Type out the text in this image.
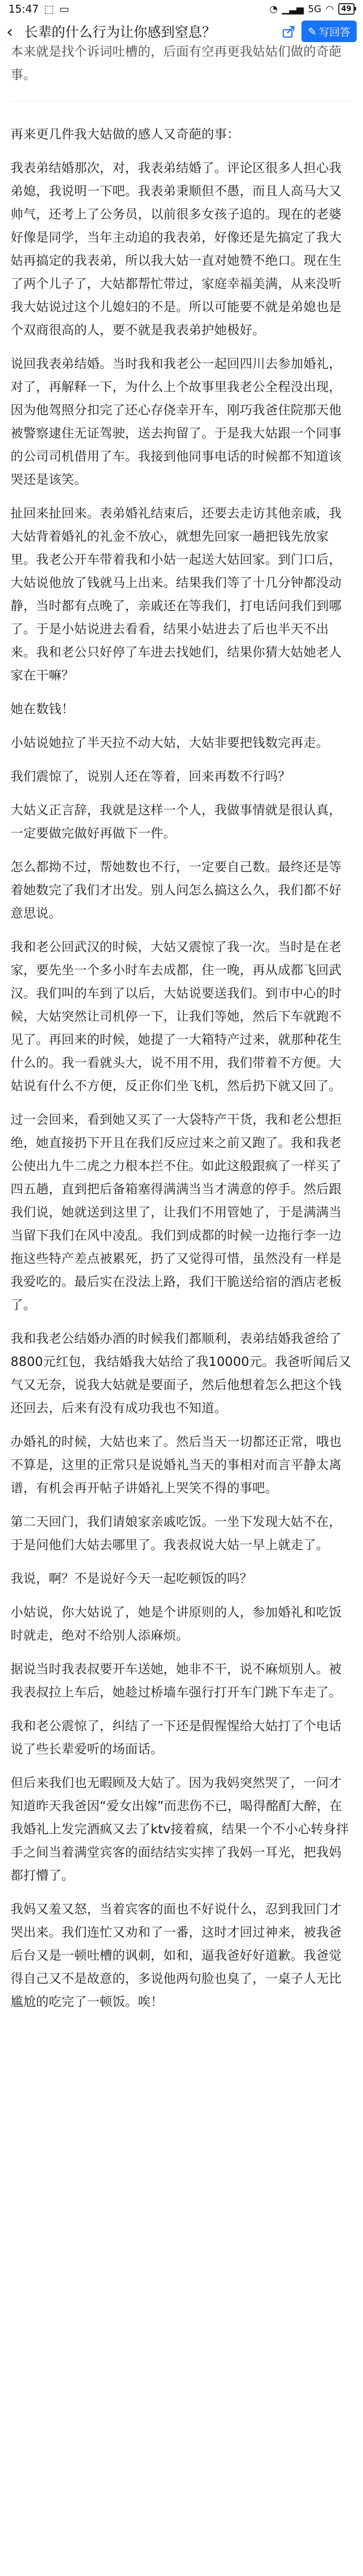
15:47 ⬚ ▭	◔ ▁▃▅ 5G ◠ 49
‹ 长辈的什么行为让你感到窒息？	✎ 写回答

本来就是找个诉词吐槽的，后面有空再更我姑姑们做的奇葩事。

再来更几件我大姑做的感人又奇葩的事：

我表弟结婚那次，对，我表弟结婚了。评论区很多人担心我弟媳，我说明一下吧。我表弟秉顺但不愚，而且人高马大又帅气，还考上了公务员，以前很多女孩子追的。现在的老婆好像是同学，当年主动追的我表弟，好像还是先搞定了我大姑再搞定的我表弟，所以我大姑一直对她赞不绝口。现在生了两个儿子了，大姑都帮忙带过，家庭幸福美满，从来没听我大姑说过这个儿媳妇的不是。所以可能要不就是弟媳也是个双商很高的人，要不就是我表弟护她极好。

说回我表弟结婚。当时我和我老公一起回四川去参加婚礼，对了，再解释一下，为什么上个故事里我老公全程没出现，因为他驾照分扣完了还心存侥幸开车，刚巧我爸住院那天他被警察逮住无证驾驶，送去拘留了。于是我大姑跟一个同事的公司司机借用了车。我接到他同事电话的时候都不知道该哭还是该笑。

扯回来扯回来。表弟婚礼结束后，还要去走访其他亲戚，我大姑背着婚礼的礼金不放心，就想先回家一趟把钱先放家里。我老公开车带着我和小姑一起送大姑回家。到门口后，大姑说他放了钱就马上出来。结果我们等了十几分钟都没动静，当时都有点晚了，亲戚还在等我们，打电话问我们到哪了。于是小姑说进去看看，结果小姑进去了后也半天不出来。我和老公只好停了车进去找她们，结果你猜大姑她老人家在干嘛？

她在数钱！

小姑说她拉了半天拉不动大姑，大姑非要把钱数完再走。

我们震惊了，说别人还在等着，回来再数不行吗？

大姑义正言辞，我就是这样一个人，我做事情就是很认真，一定要做完做好再做下一件。

怎么都拗不过，帮她数也不行，一定要自己数。最终还是等着她数完了我们才出发。别人问怎么搞这么久，我们都不好意思说。

我和老公回武汉的时候，大姑又震惊了我一次。当时是在老家，要先坐一个多小时车去成都，住一晚，再从成都飞回武汉。我们叫的车到了以后，大姑说要送我们。到市中心的时候，大姑突然让司机停一下，让我们等她，然后下车就跑不见了。再回来的时候，她提了一大箱特产过来，就那种花生什么的。我一看就头大，说不用不用，我们带着不方便。大姑说有什么不方便，反正你们坐飞机，然后扔下就又回了。

过一会回来，看到她又买了一大袋特产干货，我和老公想拒绝，她直接扔下开且在我们反应过来之前又跑了。我和我老公使出九牛二虎之力根本拦不住。如此这般跟疯了一样买了四五趟，直到把后备箱塞得满满当当才满意的停手。然后跟我们说，她就送到这里了，让我们不用管她了，于是满满当当留下我们在风中凌乱。我们到成都的时候一边拖行李一边拖这些特产差点被累死，扔了又觉得可惜，虽然没有一样是我爱吃的。最后实在没法上路，我们干脆送给宿的酒店老板了。

我和我老公结婚办酒的时候我们都顺利，表弟结婚我爸给了8800元红包，我结婚我大姑给了我10000元。我爸听闻后又气又无奈，说我大姑就是要面子，然后他想着怎么把这个钱还回去，后来有没有成功我也不知道。

办婚礼的时候，大姑也来了。然后当天一切都还正常，哦也不算是，这里的正常只是说婚礼当天的事相对而言平静太离谱，有机会再开帖子讲婚礼上哭笑不得的事吧。

第二天回门，我们请娘家亲戚吃饭。一坐下发现大姑不在，于是问他们大姑去哪里了。我表叔说大姑一早上就走了。

我说，啊？不是说好今天一起吃顿饭的吗？

小姑说，你大姑说了，她是个讲原则的人，参加婚礼和吃饭时就走，绝对不给别人添麻烦。

据说当时我表叔要开车送她，她非不干，说不麻烦别人。被我表叔拉上车后，她趁过桥墙车强行打开车门跳下车走了。

我和老公震惊了，纠结了一下还是假惺惺给大姑打了个电话说了些长辈爱听的场面话。

但后来我们也无暇顾及大姑了。因为我妈突然哭了，一问才知道昨天我爸因“爱女出嫁”而悲伤不已，喝得酩酊大醉，在我婚礼上发完酒疯又去了ktv接着疯，结果一个不小心转身拌手之间当着满堂宾客的面结结实实摔了我妈一耳光，把我妈都打懵了。

我妈又羞又怒，当着宾客的面也不好说什么，忍到我回门才哭出来。我们连忙又劝和了一番，这时才回过神来，被我爸后台又是一顿吐槽的讽刺，如和，逼我爸好好道歉。我爸觉得自己又不是故意的，多说他两句脸也臭了，一桌子人无比尴尬的吃完了一顿饭。唉！
